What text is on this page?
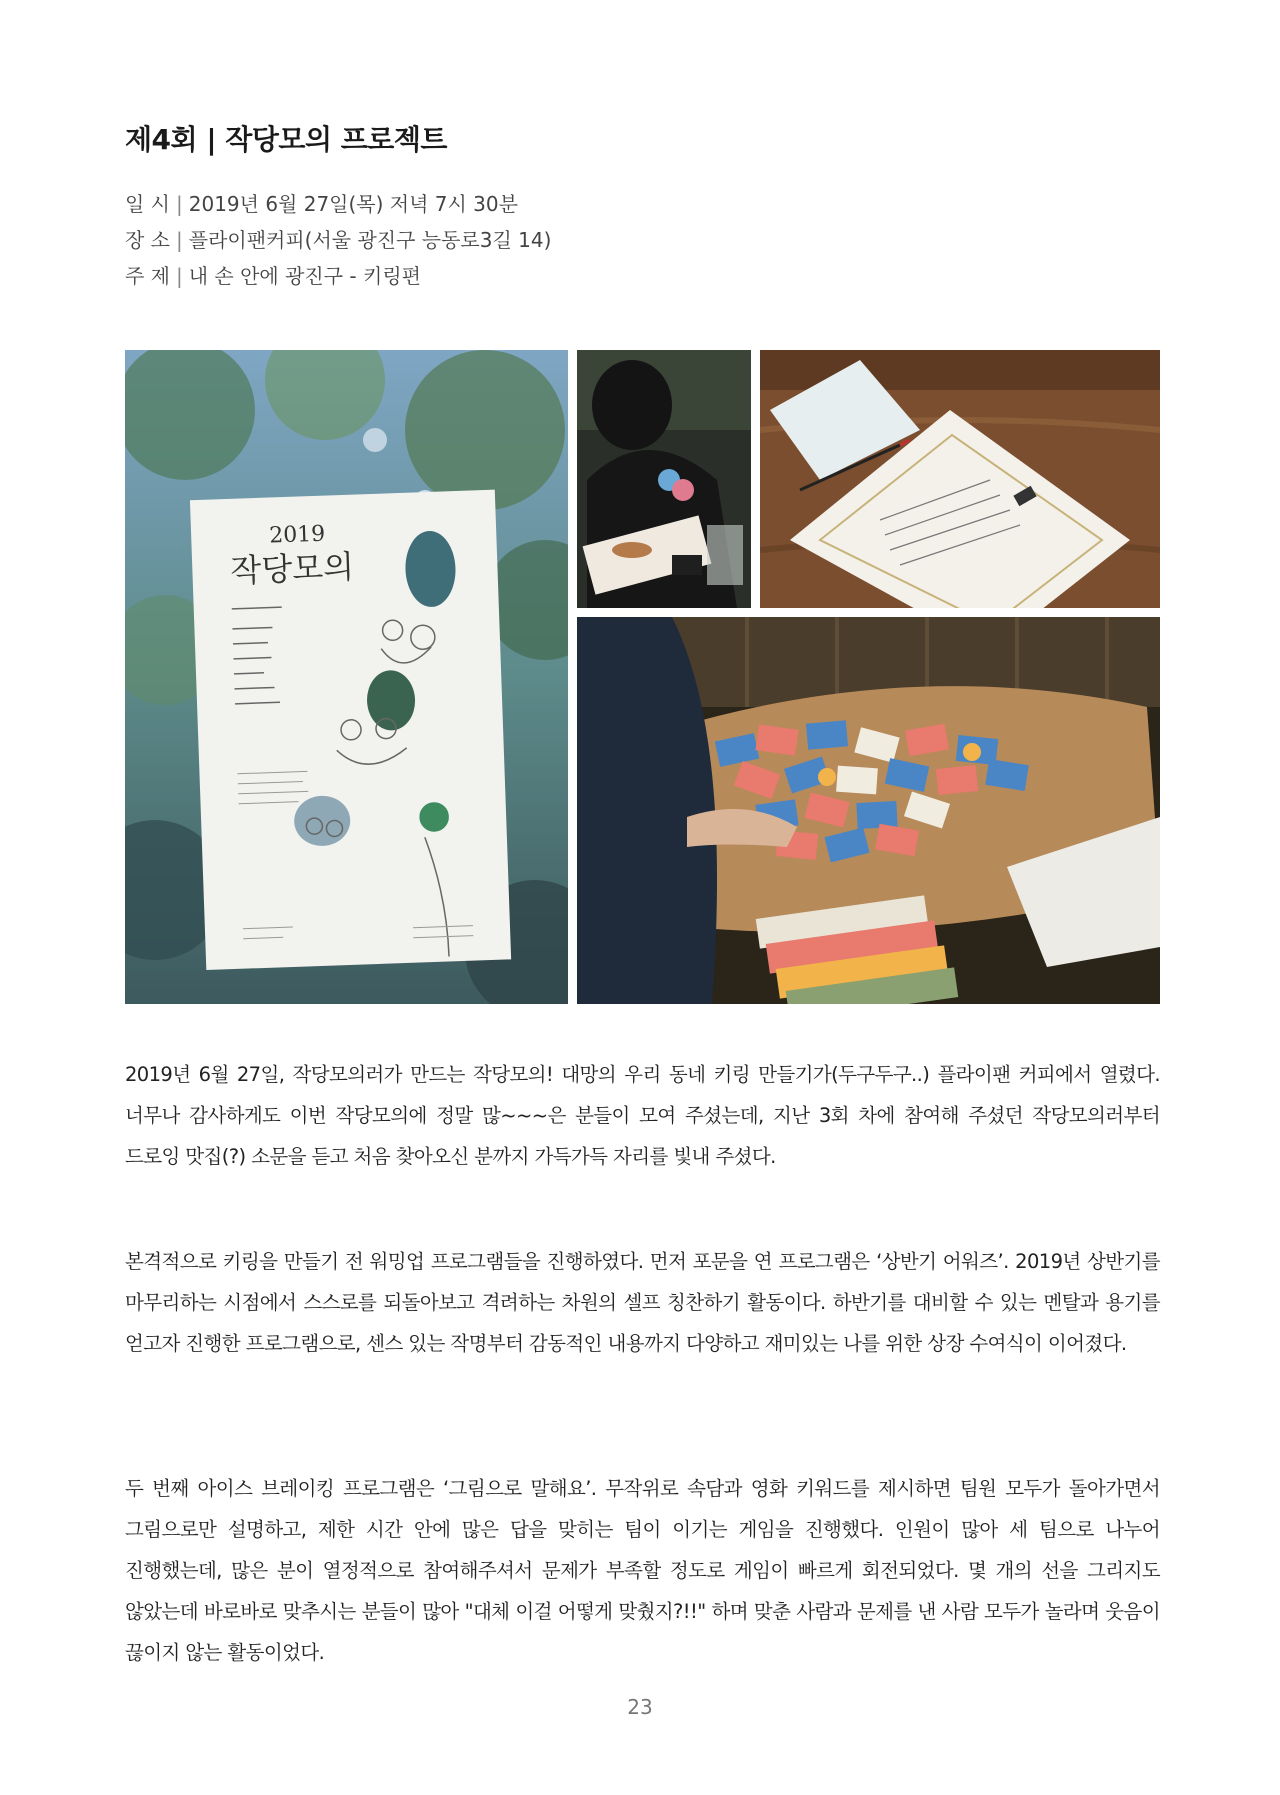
제4회 | 작당모의 프로젝트
일 시 | 2019년 6월 27일(목) 저녁 7시 30분
장 소 | 플라이팬커피(서울 광진구 능동로3길 14)
주 제 | 내 손 안에 광진구 - 키링편
2019
작당모의

2019년 6월 27일, 작당모의러가 만드는 작당모의! 대망의 우리 동네 키링 만들기가(두구두구..) 플라이팬 커피에서 열렸다. 너무나 감사하게도 이번 작당모의에 정말 많~~~은 분들이 모여 주셨는데, 지난 3회 차에 참여해 주셨던 작당모의러부터 드로잉 맛집(?) 소문을 듣고 처음 찾아오신 분까지 가득가득 자리를 빛내 주셨다.

본격적으로 키링을 만들기 전 워밍업 프로그램들을 진행하였다. 먼저 포문을 연 프로그램은 ‘상반기 어워즈’. 2019년 상반기를 마무리하는 시점에서 스스로를 되돌아보고 격려하는 차원의 셀프 칭찬하기 활동이다. 하반기를 대비할 수 있는 멘탈과 용기를 얻고자 진행한 프로그램으로, 센스 있는 작명부터 감동적인 내용까지 다양하고 재미있는 나를 위한 상장 수여식이 이어졌다.

두 번째 아이스 브레이킹 프로그램은 ‘그림으로 말해요’. 무작위로 속담과 영화 키워드를 제시하면 팀원 모두가 돌아가면서 그림으로만 설명하고, 제한 시간 안에 많은 답을 맞히는 팀이 이기는 게임을 진행했다. 인원이 많아 세 팀으로 나누어 진행했는데, 많은 분이 열정적으로 참여해주셔서 문제가 부족할 정도로 게임이 빠르게 회전되었다. 몇 개의 선을 그리지도 않았는데 바로바로 맞추시는 분들이 많아 "대체 이걸 어떻게 맞췄지?!!" 하며 맞춘 사람과 문제를 낸 사람 모두가 놀라며 웃음이 끊이지 않는 활동이었다.

23
